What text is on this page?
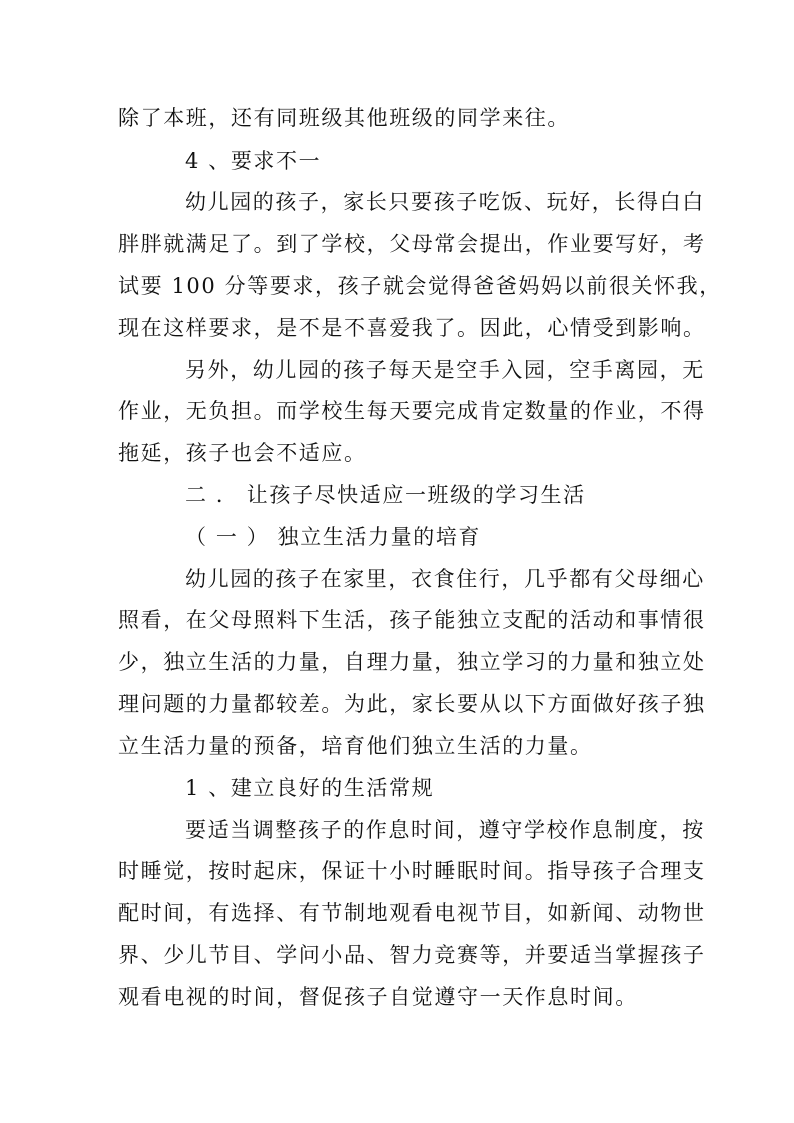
除了本班，还有同班级其他班级的同学来往。
4 、要求不一
幼儿园的孩子，家长只要孩子吃饭、玩好，长得白白
胖胖就满足了。到了学校，父母常会提出，作业要写好，考
试要 100 分等要求，孩子就会觉得爸爸妈妈以前很关怀我，
现在这样要求，是不是不喜爱我了。因此，心情受到影响。
另外，幼儿园的孩子每天是空手入园，空手离园，无
作业，无负担。而学校生每天要完成肯定数量的作业，不得
拖延，孩子也会不适应。
二 ． 让孩子尽快适应一班级的学习生活
（ 一 ） 独立生活力量的培育
幼儿园的孩子在家里，衣食住行，几乎都有父母细心
照看，在父母照料下生活，孩子能独立支配的活动和事情很
少，独立生活的力量，自理力量，独立学习的力量和独立处
理问题的力量都较差。为此，家长要从以下方面做好孩子独
立生活力量的预备，培育他们独立生活的力量。
1 、建立良好的生活常规
要适当调整孩子的作息时间，遵守学校作息制度，按
时睡觉，按时起床，保证十小时睡眠时间。指导孩子合理支
配时间，有选择、有节制地观看电视节目，如新闻、动物世
界、少儿节目、学问小品、智力竞赛等，并要适当掌握孩子
观看电视的时间，督促孩子自觉遵守一天作息时间。
